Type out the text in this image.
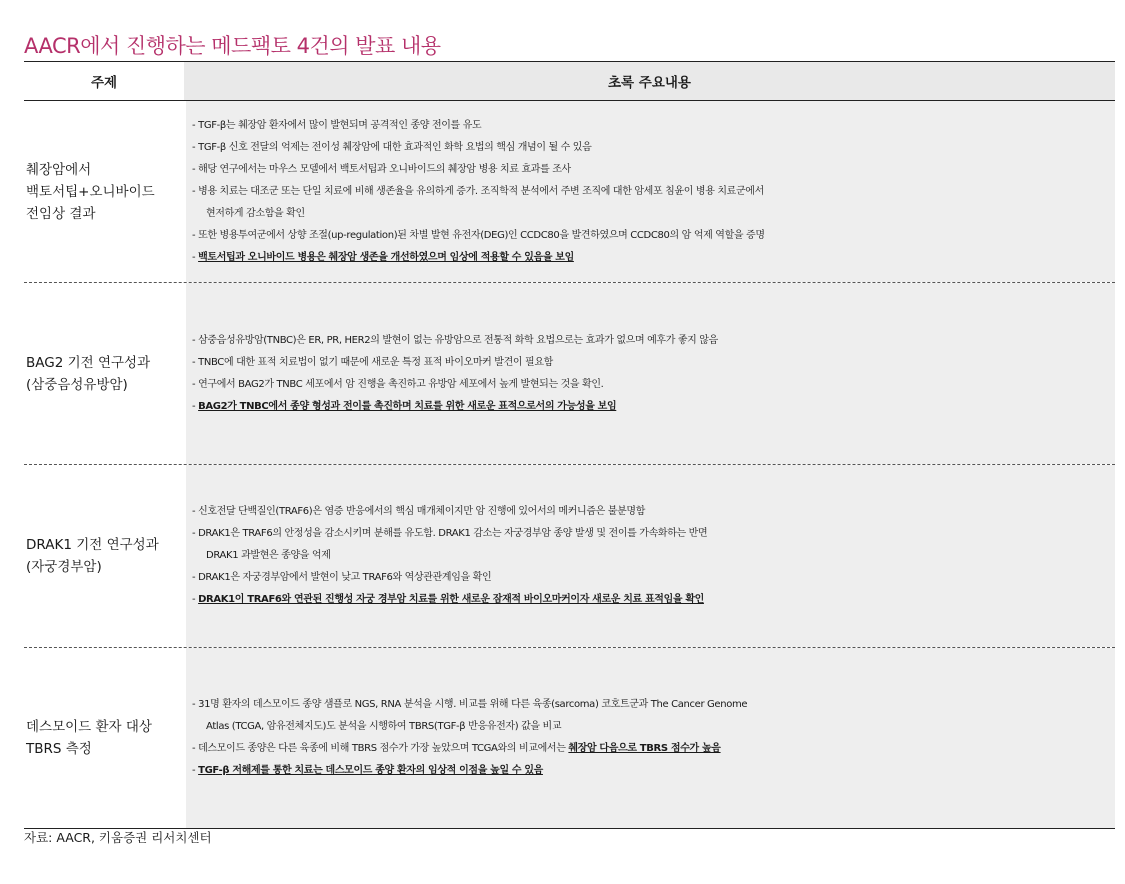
AACR에서 진행하는 메드팩토 4건의 발표 내용
주제	초록 주요내용
췌장암에서
백토서팁+오니바이드
전임상 결과
- TGF-β는 췌장암 환자에서 많이 발현되며 공격적인 종양 전이를 유도
- TGF-β 신호 전달의 억제는 전이성 췌장암에 대한 효과적인 화학 요법의 핵심 개념이 될 수 있음
- 해당 연구에서는 마우스 모델에서 백토서팁과 오니바이드의 췌장암 병용 치료 효과를 조사
- 병용 치료는 대조군 또는 단일 치료에 비해 생존율을 유의하게 증가. 조직학적 분석에서 주변 조직에 대한 암세포 침윤이 병용 치료군에서
현저하게 감소함을 확인
- 또한 병용투여군에서 상향 조절(up-regulation)된 차별 발현 유전자(DEG)인 CCDC80을 발견하였으며 CCDC80의 암 억제 역할을 증명
- 백토서팁과 오니바이드 병용은 췌장암 생존을 개선하였으며 임상에 적용할 수 있음을 보임
BAG2 기전 연구성과
(삼중음성유방암)
- 삼중음성유방암(TNBC)은 ER, PR, HER2의 발현이 없는 유방암으로 전통적 화학 요법으로는 효과가 없으며 예후가 좋지 않음
- TNBC에 대한 표적 치료법이 없기 때문에 새로운 특정 표적 바이오마커 발견이 필요함
- 연구에서 BAG2가 TNBC 세포에서 암 진행을 촉진하고 유방암 세포에서 높게 발현되는 것을 확인.
- BAG2가 TNBC에서 종양 형성과 전이를 촉진하며 치료를 위한 새로운 표적으로서의 가능성을 보임
DRAK1 기전 연구성과
(자궁경부암)
- 신호전달 단백질인(TRAF6)은 염증 반응에서의 핵심 매개체이지만 암 진행에 있어서의 메커니즘은 불분명함
- DRAK1은 TRAF6의 안정성을 감소시키며 분해를 유도함. DRAK1 감소는 자궁경부암 종양 발생 및 전이를 가속화하는 반면
DRAK1 과발현은 종양을 억제
- DRAK1은 자궁경부암에서 발현이 낮고 TRAF6와 역상관관계임을 확인
- DRAK1이 TRAF6와 연관된 진행성 자궁 경부암 치료를 위한 새로운 잠재적 바이오마커이자 새로운 치료 표적임을 확인
데스모이드 환자 대상
TBRS 측정
- 31명 환자의 데스모이드 종양 샘플로 NGS, RNA 분석을 시행. 비교를 위해 다른 육종(sarcoma) 코호트군과 The Cancer Genome
Atlas (TCGA, 암유전체지도)도 분석을 시행하여 TBRS(TGF-β 반응유전자) 값을 비교
- 데스모이드 종양은 다른 육종에 비해 TBRS 점수가 가장 높았으며 TCGA와의 비교에서는 췌장암 다음으로 TBRS 점수가 높음
- TGF-β 저해제를 통한 치료는 데스모이드 종양 환자의 임상적 이점을 높일 수 있음
자료: AACR, 키움증권 리서치센터
